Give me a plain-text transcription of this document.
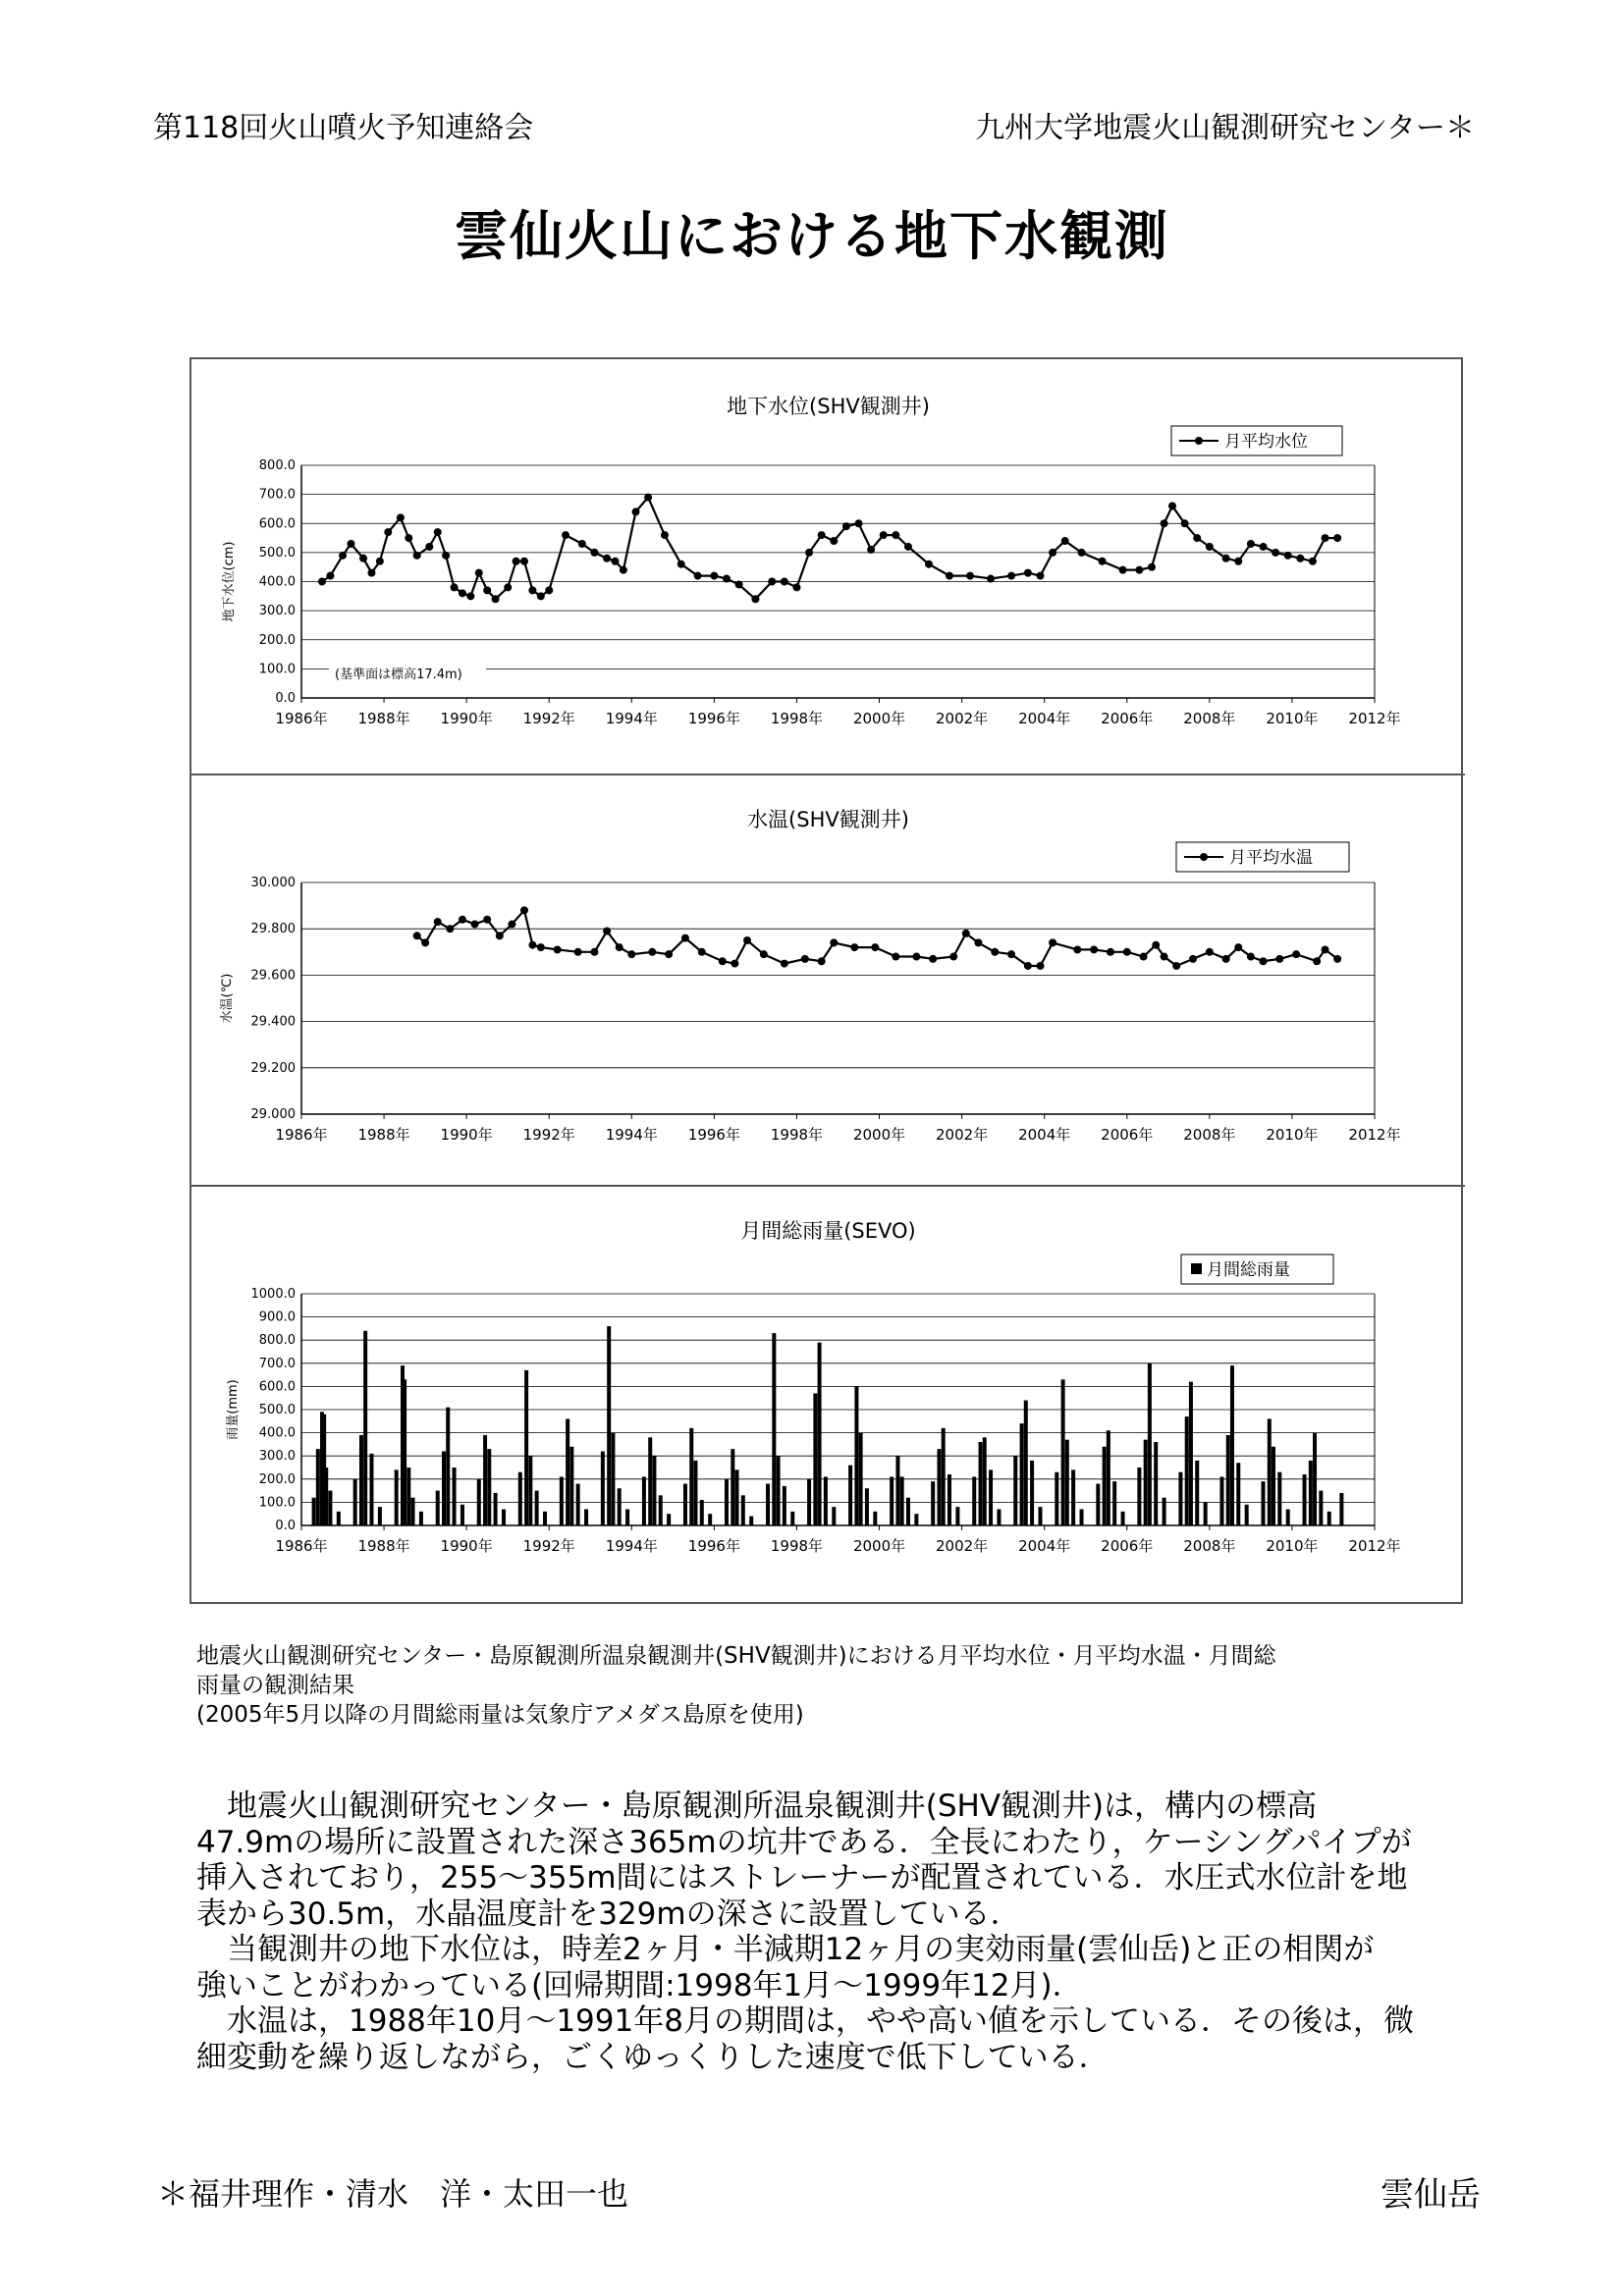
第118回火山噴火予知連絡会	九州大学地震火山観測研究センター＊
雲仙火山における地下水観測
地下水位(SHV観測井)
0.0
100.0
200.0
300.0
400.0
500.0
600.0
700.0
800.0
1986年 1988年 1990年 1992年 1994年 1996年 1998年 2000年 2002年 2004年 2006年 2008年 2010年 2012年
地下水位(cm)
月平均水位
(基準面は標高17.4m)
水温(SHV観測井)
29.000
29.200
29.400
29.600
29.800
30.000
1986年 1988年 1990年 1992年 1994年 1996年 1998年 2000年 2002年 2004年 2006年 2008年 2010年 2012年
水温(℃)
月平均水温
月間総雨量(SEVO)
0.0
100.0
200.0
300.0
400.0
500.0
600.0
700.0
800.0
900.0
1000.0
1986年 1988年 1990年 1992年 1994年 1996年 1998年 2000年 2002年 2004年 2006年 2008年 2010年 2012年
雨量(mm)
月間総雨量
地震火山観測研究センター・島原観測所温泉観測井(SHV観測井)における月平均水位・月平均水温・月間総
雨量の観測結果
(2005年5月以降の月間総雨量は気象庁アメダス島原を使用)
　地震火山観測研究センター・島原観測所温泉観測井(SHV観測井)は，構内の標高
47.9mの場所に設置された深さ365mの坑井である．全長にわたり，ケーシングパイプが
挿入されており，255～355m間にはストレーナーが配置されている．水圧式水位計を地
表から30.5m，水晶温度計を329mの深さに設置している．
　当観測井の地下水位は，時差2ヶ月・半減期12ヶ月の実効雨量(雲仙岳)と正の相関が
強いことがわかっている(回帰期間:1998年1月～1999年12月)．
　水温は，1988年10月～1991年8月の期間は，やや高い値を示している．その後は，微
細変動を繰り返しながら，ごくゆっくりした速度で低下している．
＊福井理作・清水　洋・太田一也	雲仙岳
